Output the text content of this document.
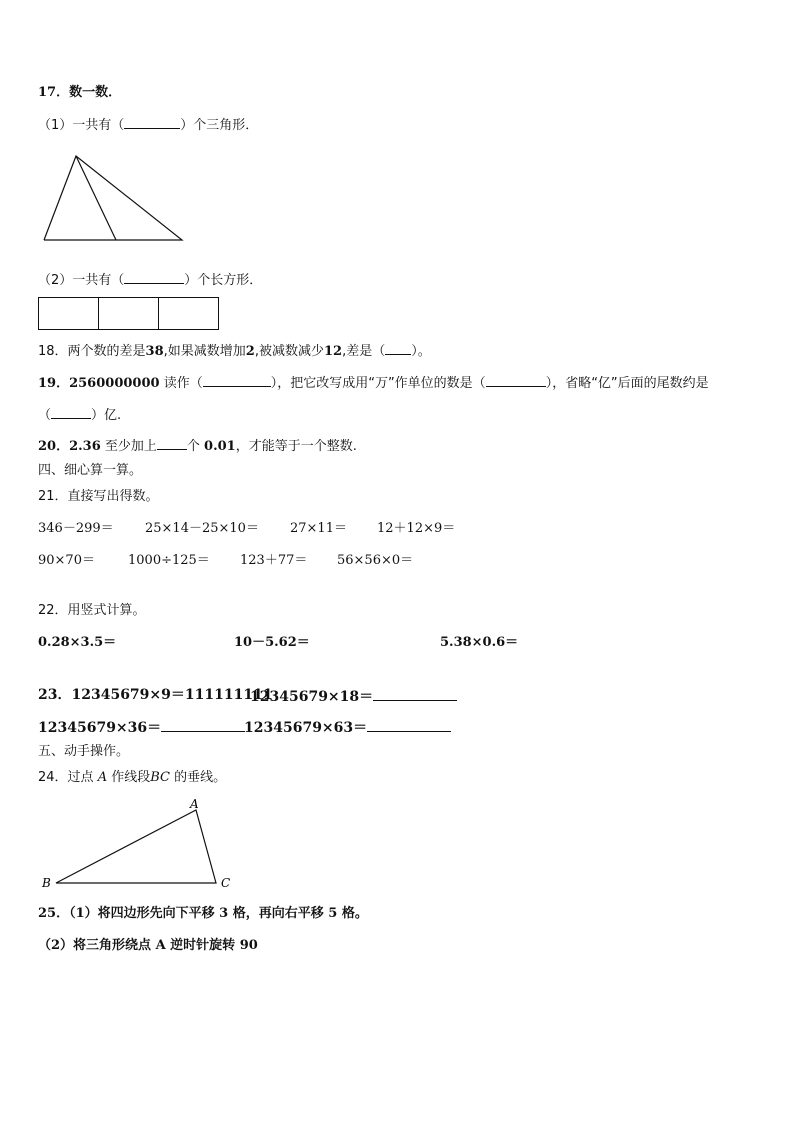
17．数一数．
（1）一共有（	）个三角形．
（2）一共有（	）个长方形．
18．两个数的差是38,如果减数增加2,被减数减少12,差是（ ）。
19．2560000000 读作（	），把它改写成用“万”作单位的数是（	），省略“亿”后面的尾数约是
（	）亿.
20．2.36 至少加上 个 0.01，才能等于一个整数.
四、细心算一算。
21．直接写出得数。
346－299＝ 25×14－25×10＝ 27×11＝ 12＋12×9＝
90×70＝	1000÷125＝ 123＋77＝ 56×56×0＝
22．用竖式计算。
0.28×3.5＝	10－5.62＝	5.38×0.6＝
23．12345679×9＝111111111
12345679×18＝
12345679×36＝	12345679×63＝
五、动手操作。
24．过点 A 作线段BC 的垂线。
A
B	C
25．（1）将四边形先向下平移 3 格，再向右平移 5 格。
（2）将三角形绕点 A 逆时针旋转 90
